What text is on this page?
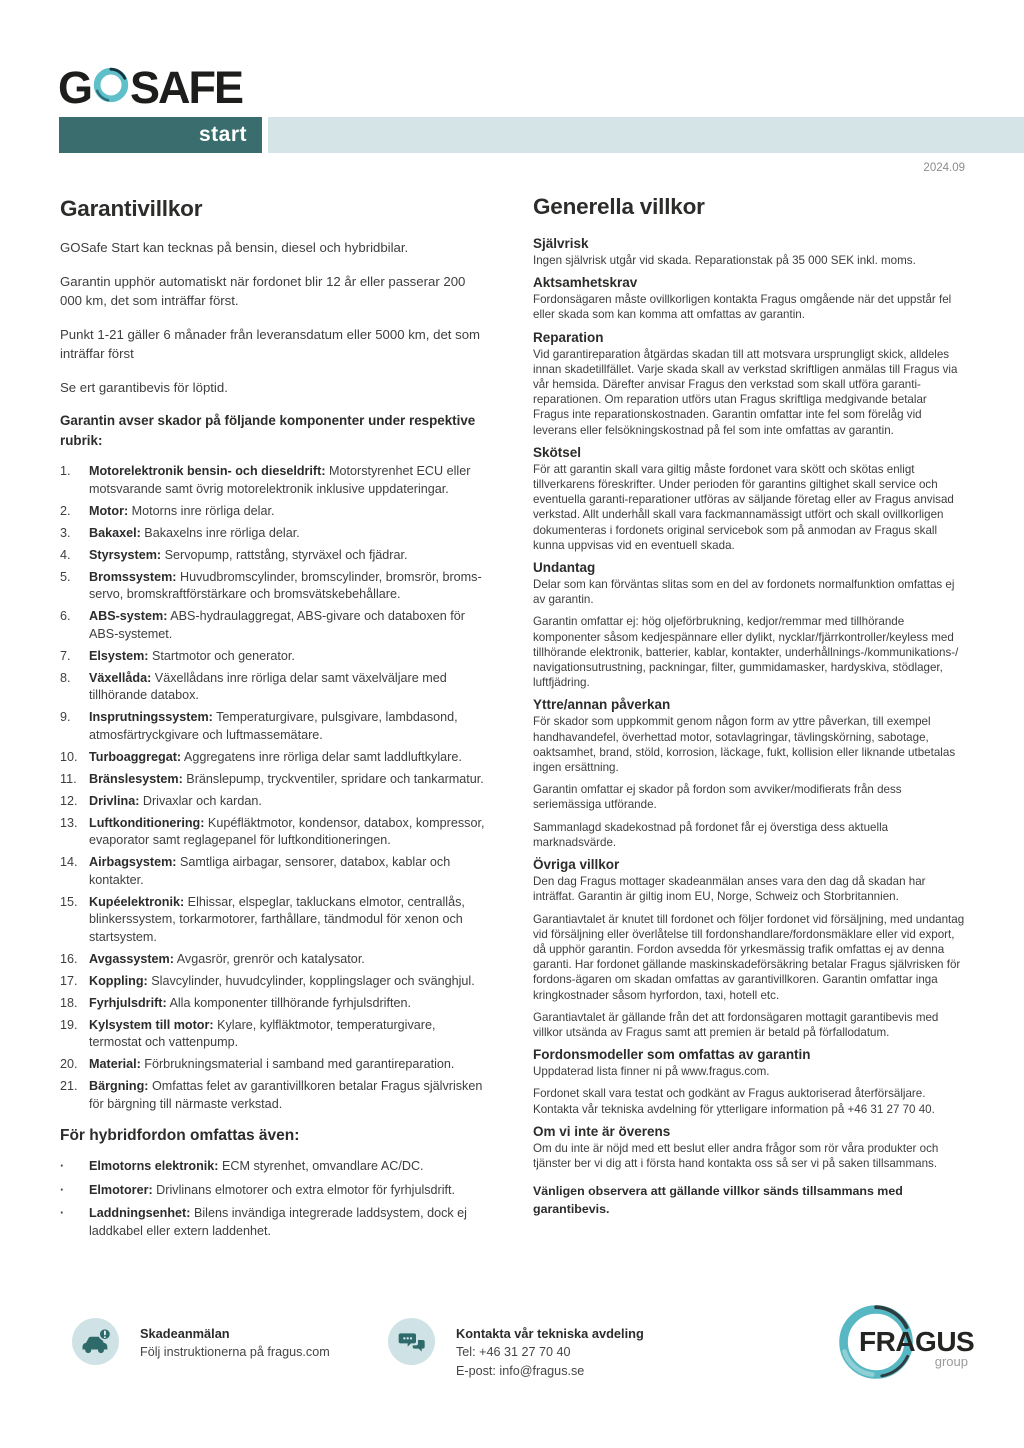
G SAFE
start
2024.09
Garantivillkor

GOSafe Start kan tecknas på bensin, diesel och hybridbilar.

Garantin upphör automatiskt när fordonet blir 12 år eller passerar 200 000 km, det som inträffar först.

Punkt 1-21 gäller 6 månader från leveransdatum eller 5000 km, det som inträffar först

Se ert garantibevis för löptid.

Garantin avser skador på följande komponenter under respektive rubrik:
1.	Motorelektronik bensin- och dieseldrift: Motorstyrenhet ECU eller motsvarande samt övrig motorelektronik inklusive uppdateringar.
2.	Motor: Motorns inre rörliga delar.
3.	Bakaxel: Bakaxelns inre rörliga delar.
4.	Styrsystem: Servopump, rattstång, styrväxel och fjädrar.
5.	Bromssystem: Huvudbromscylinder, bromscylinder, bromsrör, bromsservo, bromskraftförstärkare och bromsvätskebehållare.
6.	ABS-system: ABS-hydraulaggregat, ABS-givare och databoxen för ABS-systemet.
7.	Elsystem: Startmotor och generator.
8.	Växellåda: Växellådans inre rörliga delar samt växelväljare med tillhörande databox.
9.	Insprutningssystem: Temperaturgivare, pulsgivare, lambdasond, atmosfärtryckgivare och luftmassemätare.
10. Turboaggregat: Aggregatens inre rörliga delar samt laddluftkylare.
11. Bränslesystem: Bränslepump, tryckventiler, spridare och tankarmatur.
12. Drivlina: Drivaxlar och kardan.
13. Luftkonditionering: Kupéfläktmotor, kondensor, databox, kompressor, evaporator samt reglagepanel för luftkonditioneringen.
14. Airbagsystem: Samtliga airbagar, sensorer, databox, kablar och kontakter.
15. Kupéelektronik: Elhissar, elspeglar, takluckans elmotor, centrallås, blinkerssystem, torkarmotorer, farthållare, tändmodul för xenon och startsystem.
16. Avgassystem: Avgasrör, grenrör och katalysator.
17. Koppling: Slavcylinder, huvudcylinder, kopplingslager och svänghjul.
18. Fyrhjulsdrift: Alla komponenter tillhörande fyrhjulsdriften.
19. Kylsystem till motor: Kylare, kylfläktmotor, temperaturgivare, termostat och vattenpump.
20. Material: Förbrukningsmaterial i samband med garantireparation.
21. Bärgning: Omfattas felet av garantivillkoren betalar Fragus självrisken för bärgning till närmaste verkstad.
För hybridfordon omfattas även:
·	Elmotorns elektronik: ECM styrenhet, omvandlare AC/DC.
·	Elmotorer: Drivlinans elmotorer och extra elmotor för fyrhjulsdrift.
·	Laddningsenhet: Bilens invändiga integrerade laddsystem, dock ej laddkabel eller extern laddenhet.
Generella villkor
Självrisk

Ingen självrisk utgår vid skada. Reparationstak på 35 000 SEK inkl. moms.

Aktsamhetskrav

Fordonsägaren måste ovillkorligen kontakta Fragus omgående när det uppstår fel eller skada som kan komma att omfattas av garantin.

Reparation

Vid garantireparation åtgärdas skadan till att motsvara ursprungligt skick, alldeles innan skadetillfället. Varje skada skall av verkstad skriftligen anmälas till Fragus via vår hemsida. Därefter anvisar Fragus den verkstad som skall utföra garanti-reparationen. Om reparation utförs utan Fragus skriftliga medgivande betalar Fragus inte reparationskostnaden. Garantin omfattar inte fel som förelåg vid leverans eller felsökningskostnad på fel som inte omfattas av garantin.

Skötsel

För att garantin skall vara giltig måste fordonet vara skött och skötas enligt tillverkarens föreskrifter. Under perioden för garantins giltighet skall service och eventuella garanti-reparationer utföras av säljande företag eller av Fragus anvisad verkstad. Allt underhåll skall vara fackmannamässigt utfört och skall ovillkorligen dokumenteras i fordonets original servicebok som på anmodan av Fragus skall kunna uppvisas vid en eventuell skada.

Undantag

Delar som kan förväntas slitas som en del av fordonets normalfunktion omfattas ej av garantin.

Garantin omfattar ej: hög oljeförbrukning, kedjor/remmar med tillhörande komponenter såsom kedjespännare eller dylikt, nycklar/fjärrkontroller/keyless med tillhörande elektronik, batterier, kablar, kontakter, underhållnings-/kommunikations-/ navigationsutrustning, packningar, filter, gummidamasker, hardyskiva, stödlager, luftfjädring.

Yttre/annan påverkan

För skador som uppkommit genom någon form av yttre påverkan, till exempel handhavandefel, överhettad motor, sotavlagringar, tävlingskörning, sabotage, oaktsamhet, brand, stöld, korrosion, läckage, fukt, kollision eller liknande utbetalas ingen ersättning.

Garantin omfattar ej skador på fordon som avviker/modifierats från dess seriemässiga utförande.

Sammanlagd skadekostnad på fordonet får ej överstiga dess aktuella marknadsvärde.

Övriga villkor

Den dag Fragus mottager skadeanmälan anses vara den dag då skadan har inträffat. Garantin är giltig inom EU, Norge, Schweiz och Storbritannien.

Garantiavtalet är knutet till fordonet och följer fordonet vid försäljning, med undantag vid försäljning eller överlåtelse till fordonshandlare/fordonsmäklare eller vid export, då upphör garantin. Fordon avsedda för yrkesmässig trafik omfattas ej av denna garanti. Har fordonet gällande maskinskadeförsäkring betalar Fragus självrisken för fordons-ägaren om skadan omfattas av garantivillkoren. Garantin omfattar inga kringkostnader såsom hyrfordon, taxi, hotell etc.

Garantiavtalet är gällande från det att fordonsägaren mottagit garantibevis med villkor utsända av Fragus samt att premien är betald på förfallodatum.

Fordonsmodeller som omfattas av garantin

Uppdaterad lista finner ni på www.fragus.com.

Fordonet skall vara testat och godkänt av Fragus auktoriserad återförsäljare. Kontakta vår tekniska avdelning för ytterligare information på +46 31 27 70 40.

Om vi inte är överens

Om du inte är nöjd med ett beslut eller andra frågor som rör våra produkter och tjänster ber vi dig att i första hand kontakta oss så ser vi på saken tillsammans.

Vänligen observera att gällande villkor sänds tillsammans med garantibevis.
Skadeanmälan
Följ instruktionerna på fragus.com
Kontakta vår tekniska avdeling
Tel: +46 31 27 70 40
E-post: info@fragus.se
FRAGUS
group
